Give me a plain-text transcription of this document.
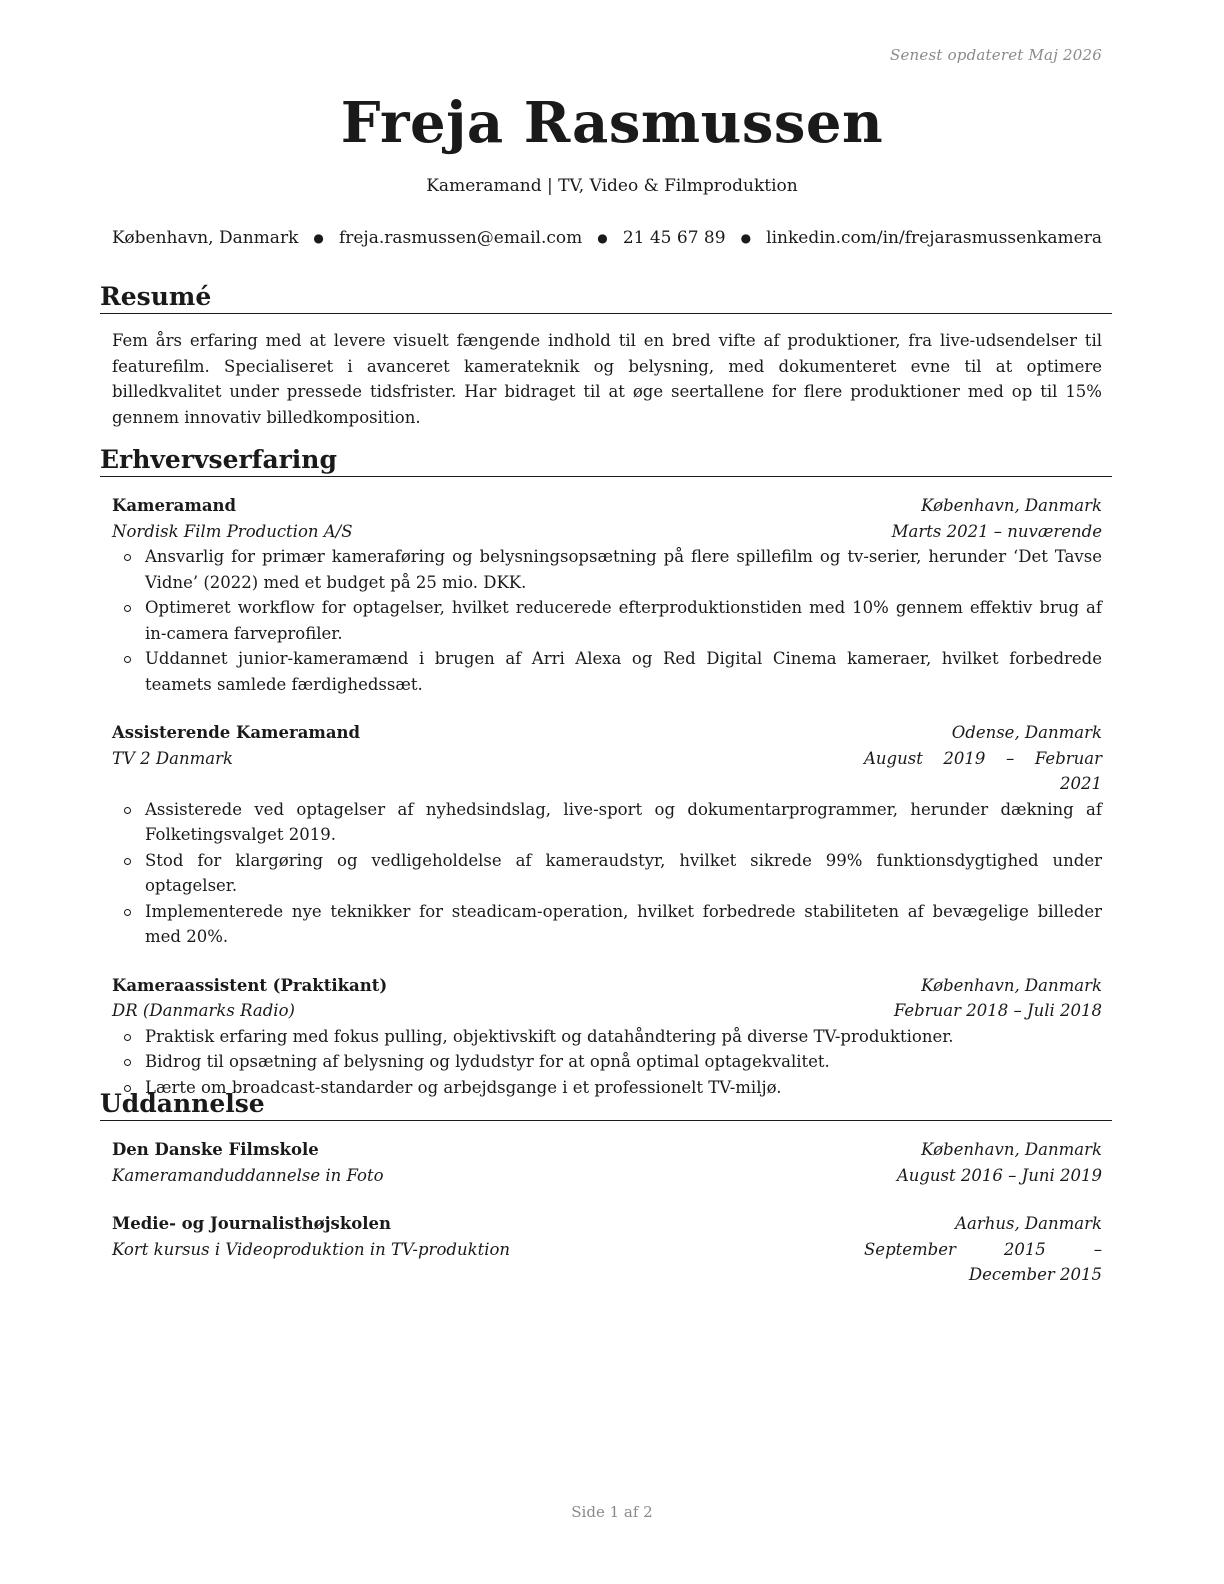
Senest opdateret Maj 2026
Freja Rasmussen
Kameramand | TV, Video & Filmproduktion
København, Danmark ● freja.rasmussen@email.com ● 21 45 67 89 ● linkedin.com/in/frejarasmussenkamera
Resumé
Fem års erfaring med at levere visuelt fængende indhold til en bred vifte af produktioner, fra live-udsendelser til featurefilm. Specialiseret i avanceret kamerateknik og belysning, med dokumenteret evne til at optimere billedkvalitet under pressede tidsfrister. Har bidraget til at øge seertallene for flere produktioner med op til 15% gennem innovativ billedkomposition.
Erhvervserfaring
Kameramand	København, Danmark
Nordisk Film Production A/S	Marts 2021 – nuværende
Ansvarlig for primær kameraføring og belysningsopsætning på flere spillefilm og tv-serier, herunder ‘Det Tavse Vidne’ (2022) med et budget på 25 mio. DKK.
Optimeret workflow for optagelser, hvilket reducerede efterproduktionstiden med 10% gennem effektiv brug af in-camera farveprofiler.
Uddannet junior-kameramænd i brugen af Arri Alexa og Red Digital Cinema kameraer, hvilket forbedrede teamets samlede færdighedssæt.
Assisterende Kameramand	Odense, Danmark
TV 2 Danmark	August 2019 – Februar 2021
Assisterede ved optagelser af nyhedsindslag, live-sport og dokumentarprogrammer, herunder dækning af Folketingsvalget 2019.
Stod for klargøring og vedligeholdelse af kameraudstyr, hvilket sikrede 99% funktionsdygtighed under optagelser.
Implementerede nye teknikker for steadicam-operation, hvilket forbedrede stabiliteten af bevægelige billeder med 20%.
Kameraassistent (Praktikant)	København, Danmark
DR (Danmarks Radio)	Februar 2018 – Juli 2018
Praktisk erfaring med fokus pulling, objektivskift og datahåndtering på diverse TV-produktioner.
Bidrog til opsætning af belysning og lydudstyr for at opnå optimal optagekvalitet.
Lærte om broadcast-standarder og arbejdsgange i et professionelt TV-miljø.
Uddannelse
Den Danske Filmskole	København, Danmark
Kameramanduddannelse in Foto	August 2016 – Juni 2019
Medie- og Journalisthøjskolen	Aarhus, Danmark
Kort kursus i Videoproduktion in TV-produktion	September 2015 – December 2015
Side 1 af 2
